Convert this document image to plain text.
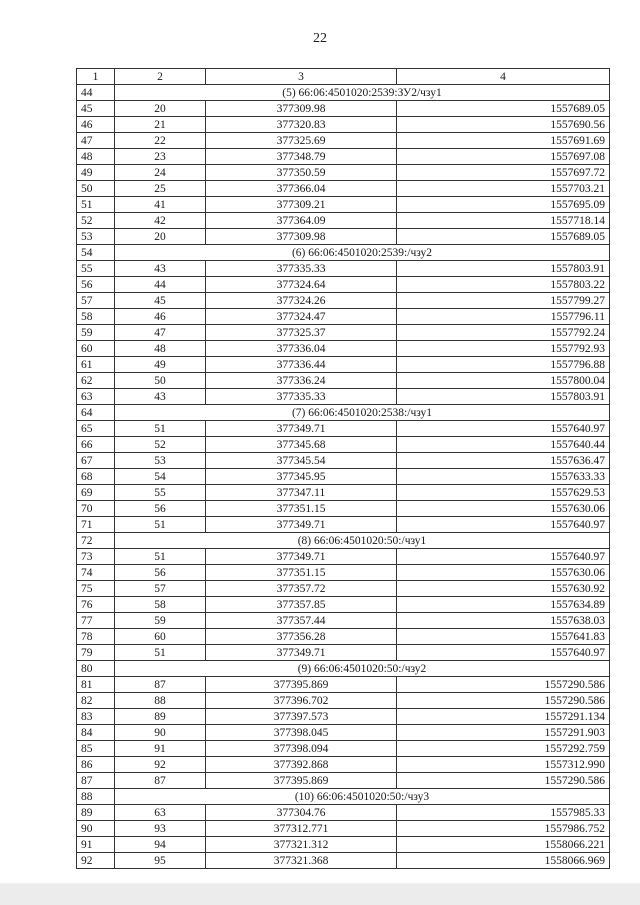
22
1	2	3	4
44	(5) 66:06:4501020:2539:ЗУ2/чзу1		
45	20	377309.98	1557689.05
46	21	377320.83	1557690.56
47	22	377325.69	1557691.69
48	23	377348.79	1557697.08
49	24	377350.59	1557697.72
50	25	377366.04	1557703.21
51	41	377309.21	1557695.09
52	42	377364.09	1557718.14
53	20	377309.98	1557689.05
54	(6) 66:06:4501020:2539:/чзу2		
55	43	377335.33	1557803.91
56	44	377324.64	1557803.22
57	45	377324.26	1557799.27
58	46	377324.47	1557796.11
59	47	377325.37	1557792.24
60	48	377336.04	1557792.93
61	49	377336.44	1557796.88
62	50	377336.24	1557800.04
63	43	377335.33	1557803.91
64	(7) 66:06:4501020:2538:/чзу1		
65	51	377349.71	1557640.97
66	52	377345.68	1557640.44
67	53	377345.54	1557636.47
68	54	377345.95	1557633.33
69	55	377347.11	1557629.53
70	56	377351.15	1557630.06
71	51	377349.71	1557640.97
72	(8) 66:06:4501020:50:/чзу1		
73	51	377349.71	1557640.97
74	56	377351.15	1557630.06
75	57	377357.72	1557630.92
76	58	377357.85	1557634.89
77	59	377357.44	1557638.03
78	60	377356.28	1557641.83
79	51	377349.71	1557640.97
80	(9) 66:06:4501020:50:/чзу2		
81	87	377395.869	1557290.586
82	88	377396.702	1557290.586
83	89	377397.573	1557291.134
84	90	377398.045	1557291.903
85	91	377398.094	1557292.759
86	92	377392.868	1557312.990
87	87	377395.869	1557290.586
88	(10) 66:06:4501020:50:/чзу3		
89	63	377304.76	1557985.33
90	93	377312.771	1557986.752
91	94	377321.312	1558066.221
92	95	377321.368	1558066.969
